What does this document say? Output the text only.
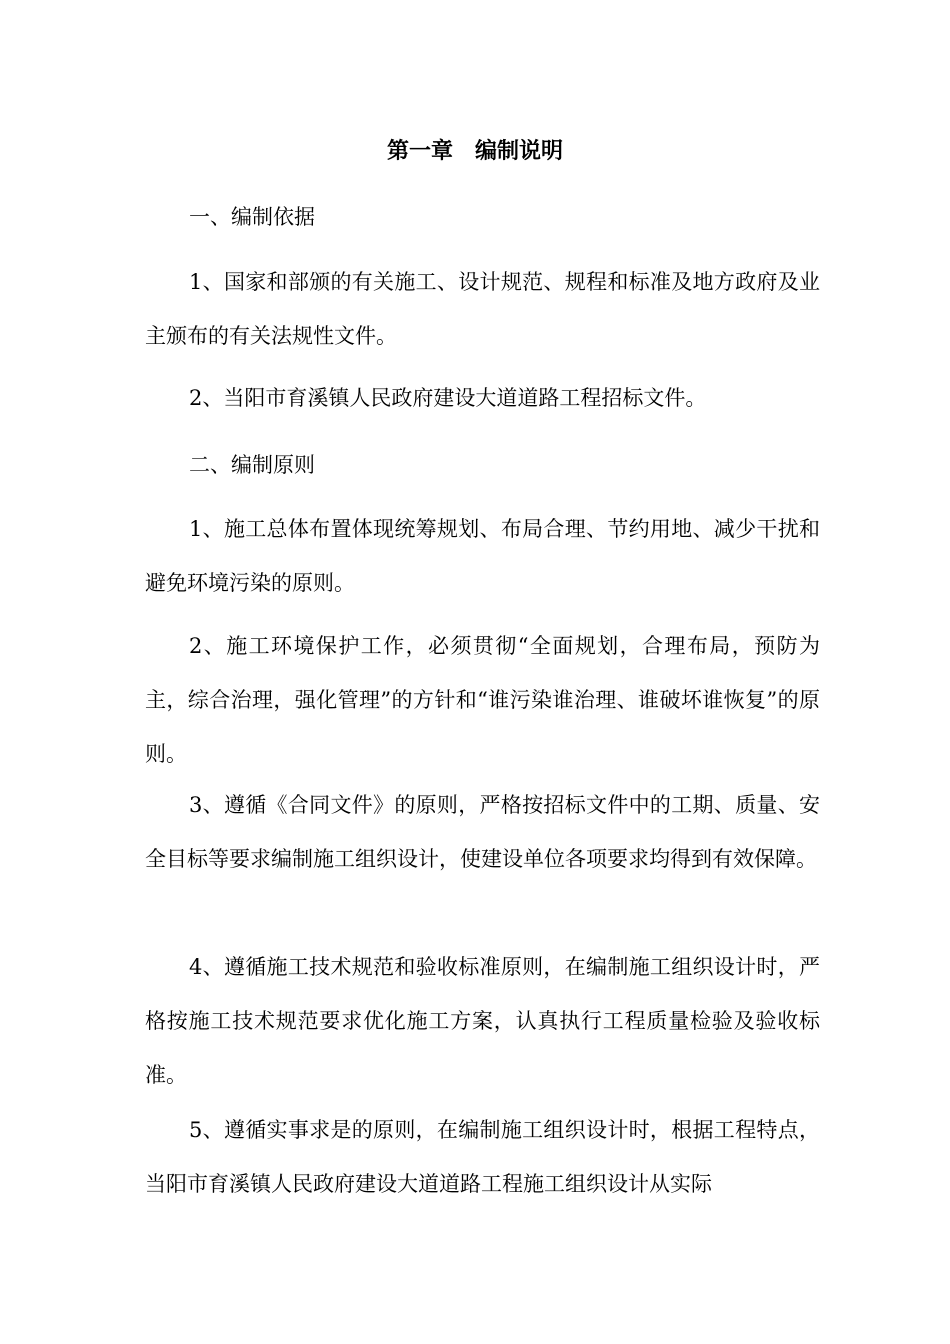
第一章　编制说明
一、编制依据

1、国家和部颁的有关施工、设计规范、规程和标准及地方政府及业主颁布的有关法规性文件。

2、当阳市育溪镇人民政府建设大道道路工程招标文件。

二、编制原则

1、施工总体布置体现统筹规划、布局合理、节约用地、减少干扰和避免环境污染的原则。

2、施工环境保护工作，必须贯彻“全面规划，合理布局，预防为主，综合治理，强化管理”的方针和“谁污染谁治理、谁破坏谁恢复”的原则。

3、遵循《合同文件》的原则，严格按招标文件中的工期、质量、安全目标等要求编制施工组织设计，使建设单位各项要求均得到有效保障。

4、遵循施工技术规范和验收标准原则，在编制施工组织设计时，严格按施工技术规范要求优化施工方案，认真执行工程质量检验及验收标准。

5、遵循实事求是的原则，在编制施工组织设计时，根据工程特点，当阳市育溪镇人民政府建设大道道路工程施工组织设计从实际
